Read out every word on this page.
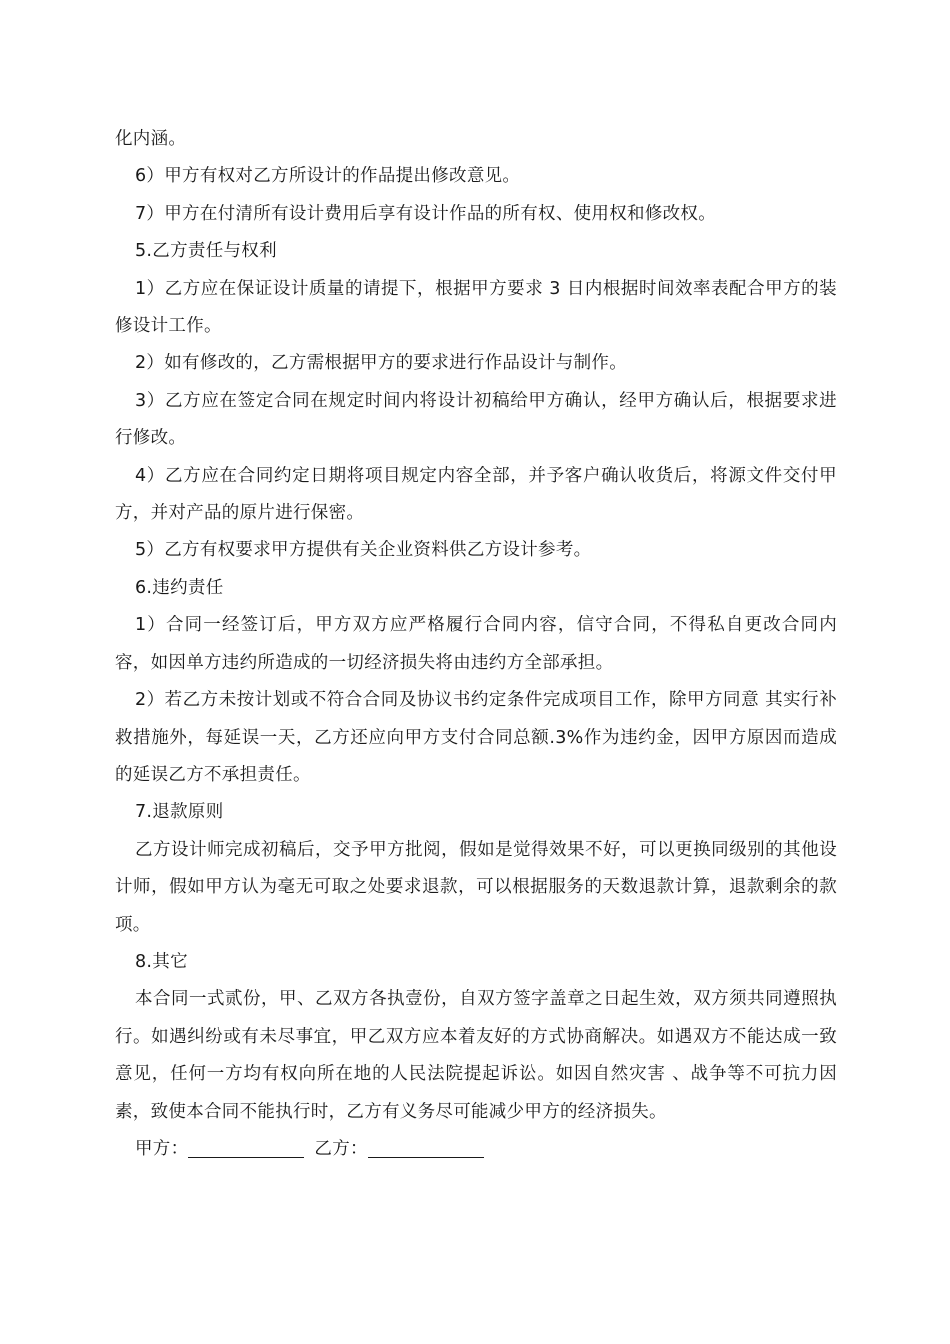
化内涵。

6）甲方有权对乙方所设计的作品提出修改意见。

7）甲方在付清所有设计费用后享有设计作品的所有权、使用权和修改权。

5.乙方责任与权利

1）乙方应在保证设计质量的请提下，根据甲方要求 3 日内根据时间效率表配合甲方的装修设计工作。

2）如有修改的，乙方需根据甲方的要求进行作品设计与制作。

3）乙方应在签定合同在规定时间内将设计初稿给甲方确认，经甲方确认后，根据要求进行修改。

4）乙方应在合同约定日期将项目规定内容全部，并予客户确认收货后，将源文件交付甲方，并对产品的原片进行保密。

5）乙方有权要求甲方提供有关企业资料供乙方设计参考。

6.违约责任

1）合同一经签订后，甲方双方应严格履行合同内容，信守合同，不得私自更改合同内容，如因单方违约所造成的一切经济损失将由违约方全部承担。

2）若乙方未按计划或不符合合同及协议书约定条件完成项目工作，除甲方同意 其实行补救措施外，每延误一天，乙方还应向甲方支付合同总额.3%作为违约金，因甲方原因而造成的延误乙方不承担责任。

7.退款原则

乙方设计师完成初稿后，交予甲方批阅，假如是觉得效果不好，可以更换同级别的其他设计师，假如甲方认为毫无可取之处要求退款，可以根据服务的天数退款计算，退款剩余的款项。

8.其它

本合同一式贰份，甲、乙双方各执壹份，自双方签字盖章之日起生效，双方须共同遵照执行。如遇纠纷或有未尽事宜，甲乙双方应本着友好的方式协商解决。如遇双方不能达成一致意见，任何一方均有权向所在地的人民法院提起诉讼。如因自然灾害 、战争等不可抗力因素，致使本合同不能执行时，乙方有义务尽可能减少甲方的经济损失。

甲方：	乙方：
